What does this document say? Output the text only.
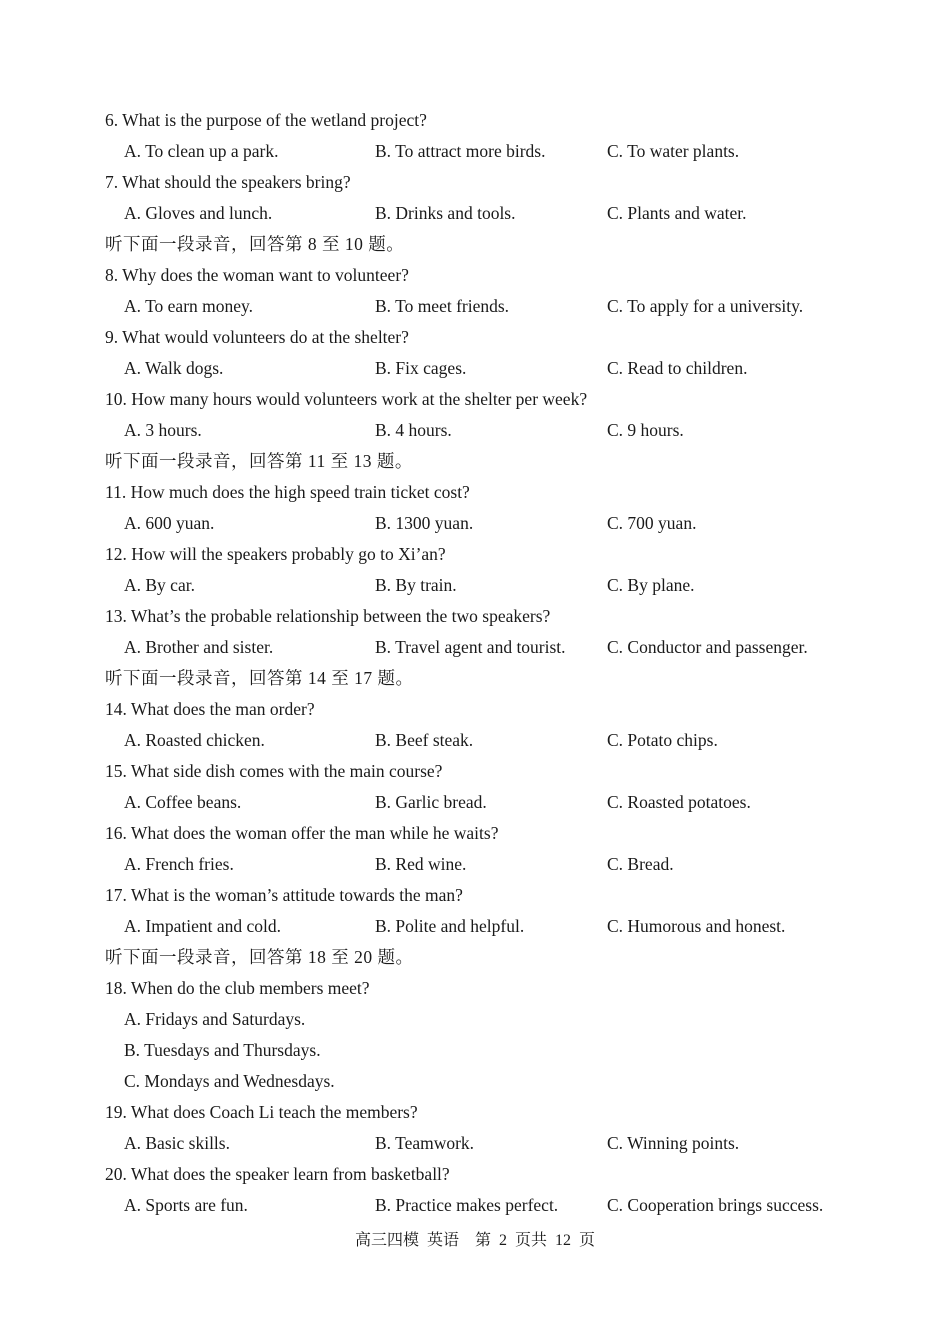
6. What is the purpose of the wetland project?
A. To clean up a park.	B. To attract more birds.	C. To water plants.
7. What should the speakers bring?
A. Gloves and lunch.	B. Drinks and tools.	C. Plants and water.
听下面一段录音，回答第 8 至 10 题。
8. Why does the woman want to volunteer?
A. To earn money.	B. To meet friends.	C. To apply for a university.
9. What would volunteers do at the shelter?
A. Walk dogs.	B. Fix cages.	C. Read to children.
10. How many hours would volunteers work at the shelter per week?
A. 3 hours.	B. 4 hours.	C. 9 hours.
听下面一段录音，回答第 11 至 13 题。
11. How much does the high speed train ticket cost?
A. 600 yuan.	B. 1300 yuan.	C. 700 yuan.
12. How will the speakers probably go to Xi’an?
A. By car.	B. By train.	C. By plane.
13. What’s the probable relationship between the two speakers?
A. Brother and sister.	B. Travel agent and tourist. C. Conductor and passenger.
听下面一段录音，回答第 14 至 17 题。
14. What does the man order?
A. Roasted chicken.	B. Beef steak.	C. Potato chips.
15. What side dish comes with the main course?
A. Coffee beans.	B. Garlic bread.	C. Roasted potatoes.
16. What does the woman offer the man while he waits?
A. French fries.	B. Red wine.	C. Bread.
17. What is the woman’s attitude towards the man?
A. Impatient and cold.	B. Polite and helpful.	C. Humorous and honest.
听下面一段录音，回答第 18 至 20 题。
18. When do the club members meet?
A. Fridays and Saturdays.
B. Tuesdays and Thursdays.
C. Mondays and Wednesdays.
19. What does Coach Li teach the members?
A. Basic skills.	B. Teamwork.	C. Winning points.
20. What does the speaker learn from basketball?
A. Sports are fun.	B. Practice makes perfect.	C. Cooperation brings success.
高三四模  英语    第  2  页共  12  页
